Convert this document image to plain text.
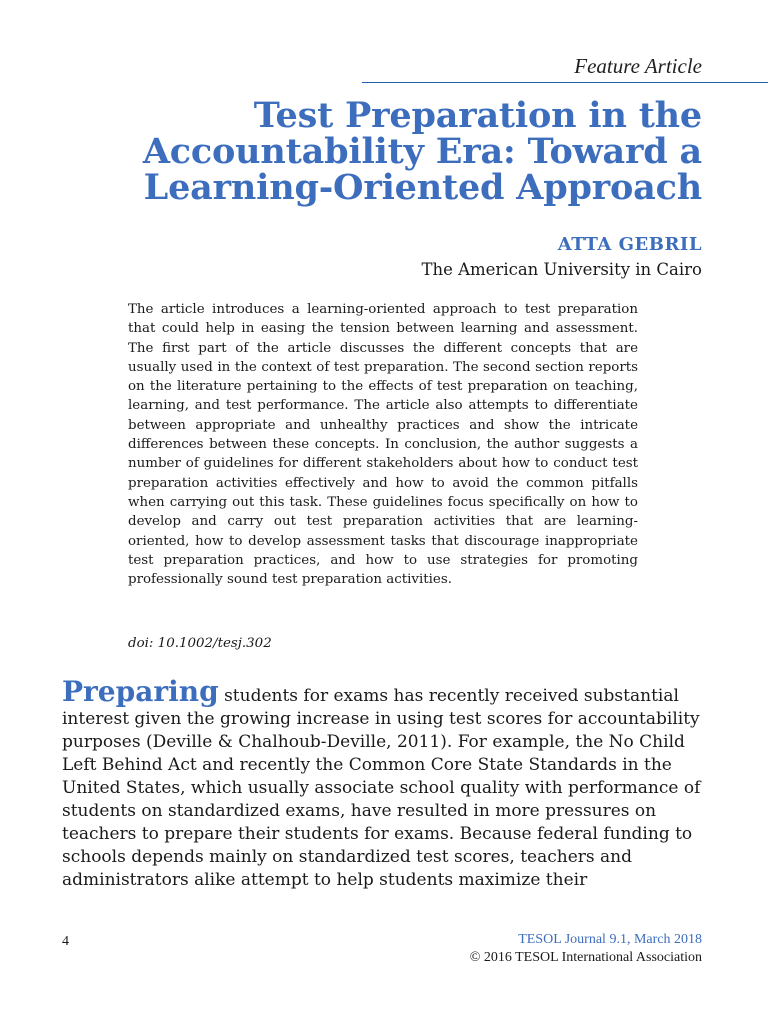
Feature Article

Test Preparation in the
Accountability Era: Toward a
Learning-Oriented Approach

ATTA GEBRIL

The American University in Cairo

The article introduces a learning-oriented approach to test preparation that could help in easing the tension between learning and assessment. The first part of the article discusses the different concepts that are usually used in the context of test preparation. The second section reports on the literature pertaining to the effects of test preparation on teaching, learning, and test performance. The article also attempts to differentiate between appropriate and unhealthy practices and show the intricate differences between these concepts. In conclusion, the author suggests a number of guidelines for different stakeholders about how to conduct test preparation activities effectively and how to avoid the common pitfalls when carrying out this task. These guidelines focus specifically on how to develop and carry out test preparation activities that are learning-oriented, how to develop assessment tasks that discourage inappropriate test preparation practices, and how to use strategies for promoting professionally sound test preparation activities.

doi: 10.1002/tesj.302

Preparing students for exams has recently received substantial interest given the growing increase in using test scores for accountability purposes (Deville & Chalhoub-Deville, 2011). For example, the No Child Left Behind Act and recently the Common Core State Standards in the United States, which usually associate school quality with performance of students on standardized exams, have resulted in more pressures on teachers to prepare their students for exams. Because federal funding to schools depends mainly on standardized test scores, teachers and administrators alike attempt to help students maximize their

4	TESOL Journal 9.1, March 2018

© 2016 TESOL International Association
